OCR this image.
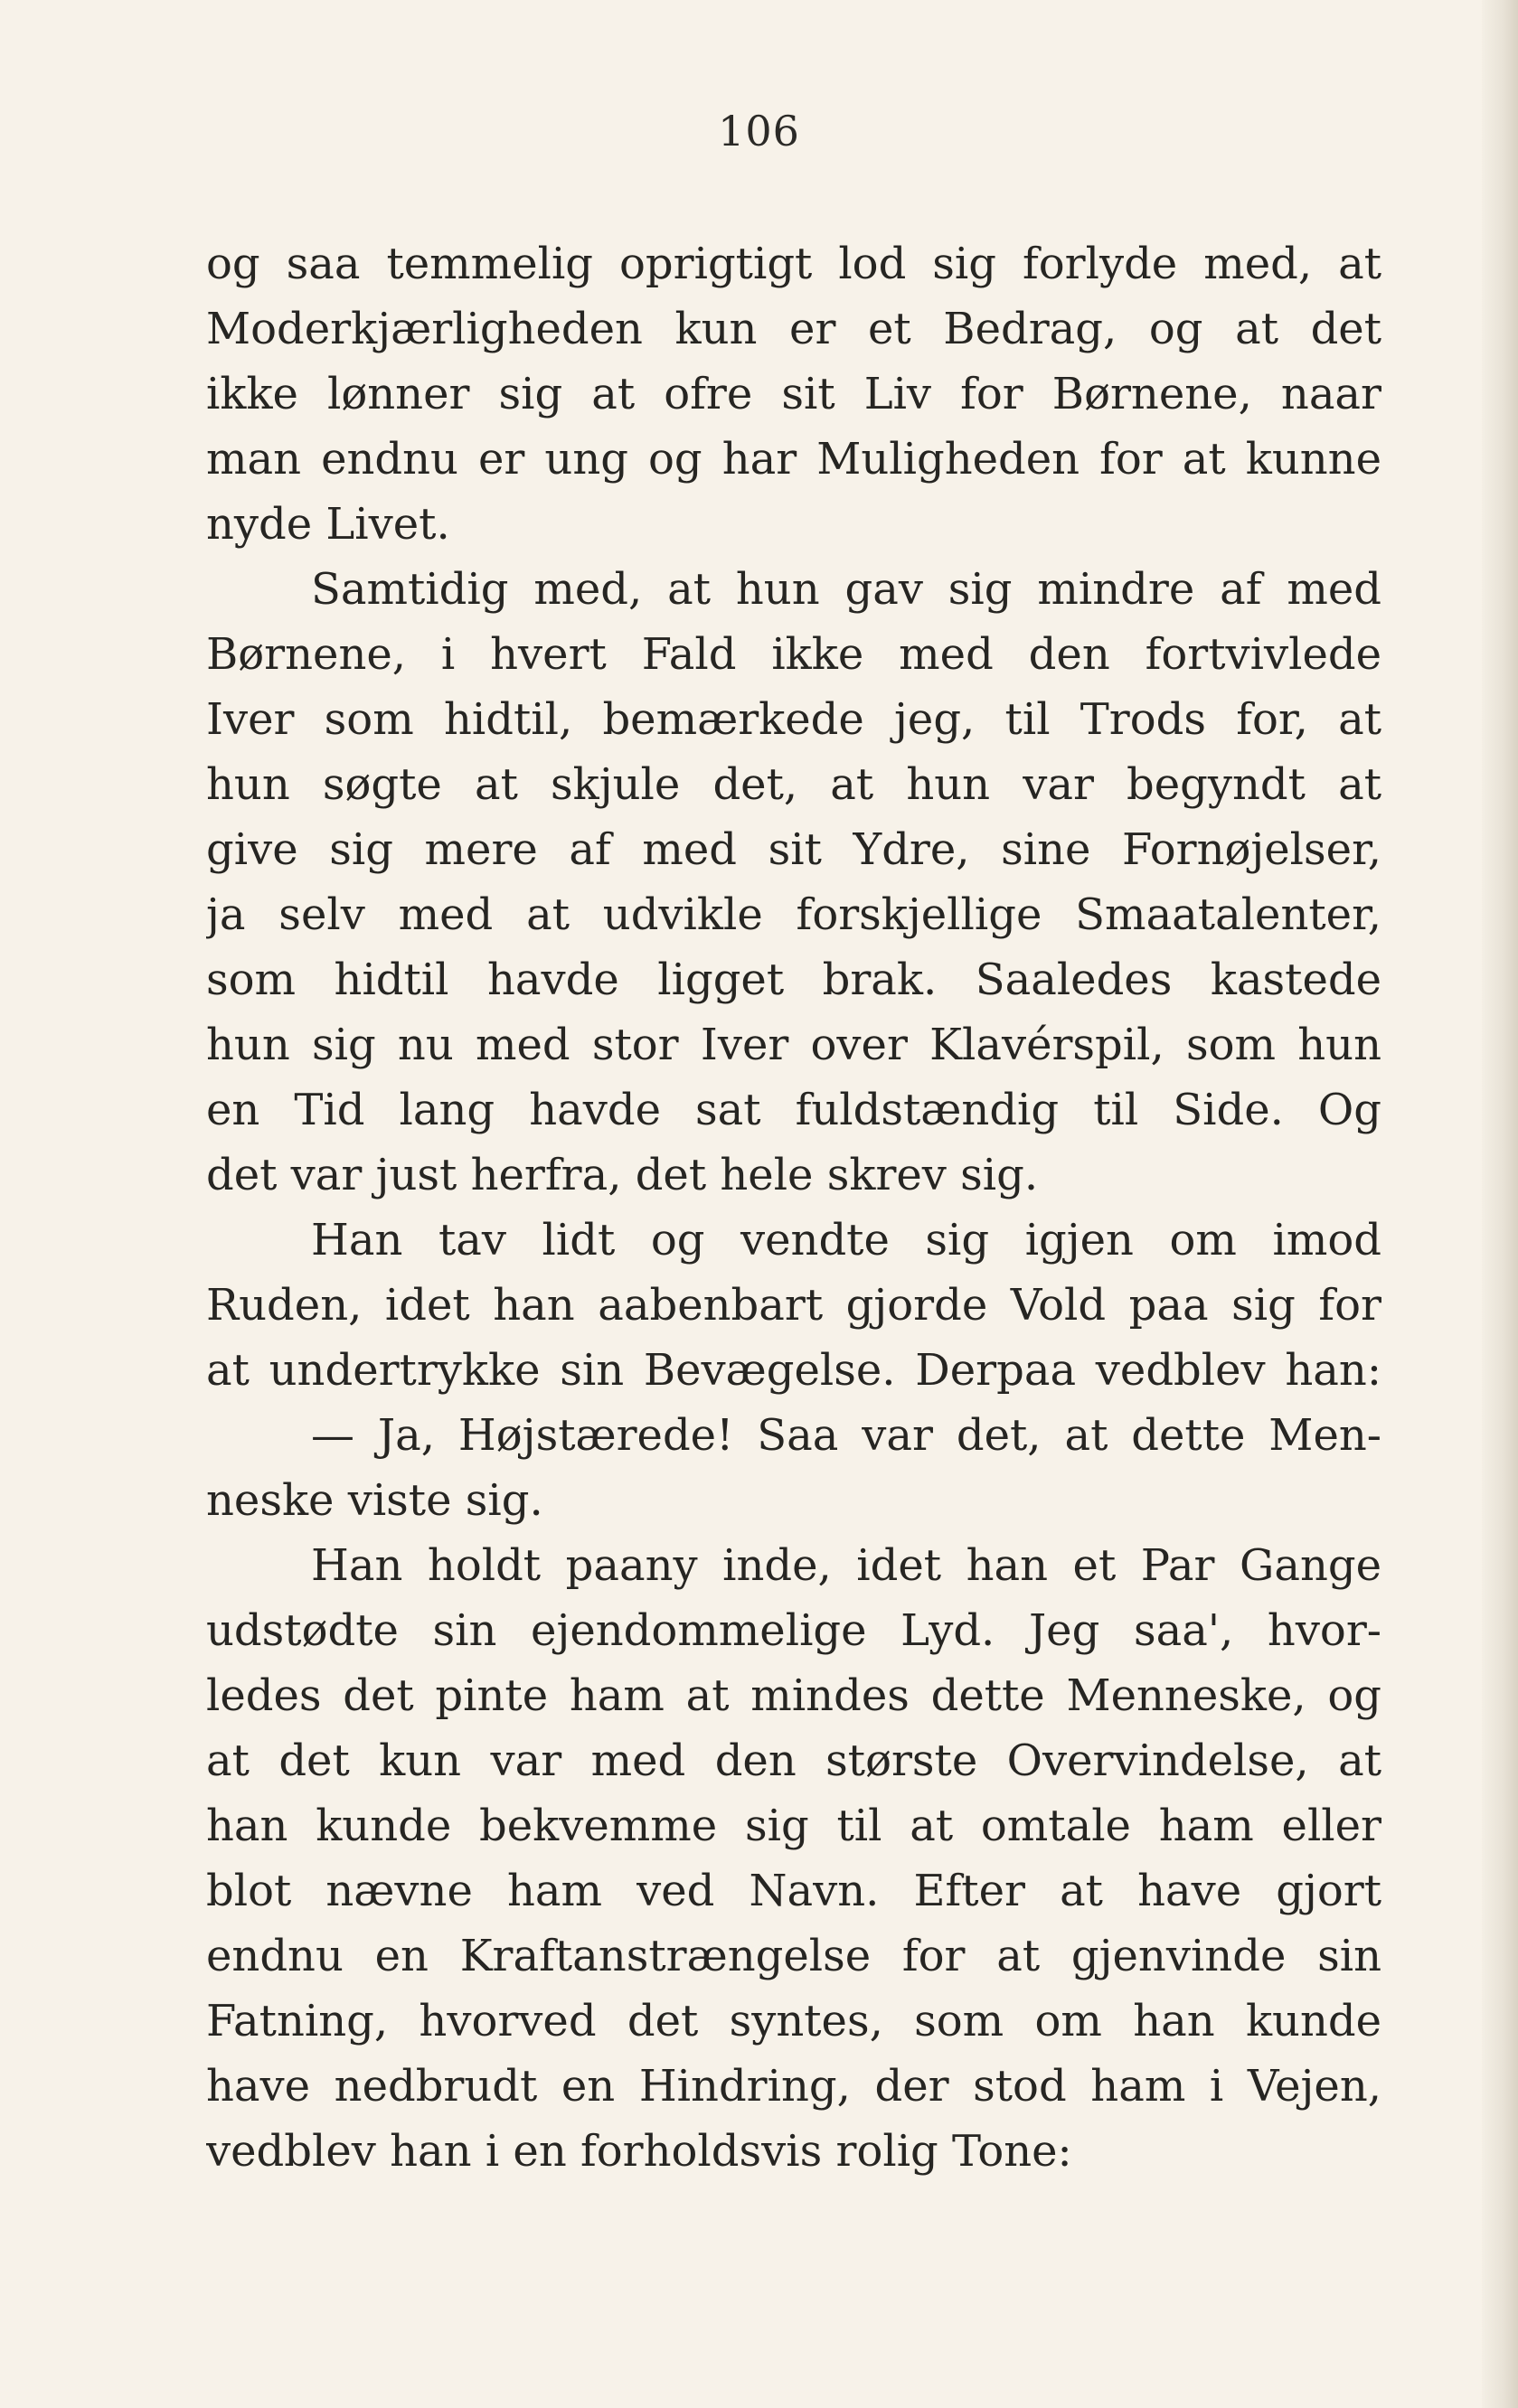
106
og saa temmelig oprigtigt lod sig forlyde med, at
Moderkjærligheden kun er et Bedrag, og at det
ikke lønner sig at ofre sit Liv for Børnene, naar
man endnu er ung og har Muligheden for at kunne
nyde Livet.
Samtidig med, at hun gav sig mindre af med
Børnene, i hvert Fald ikke med den fortvivlede
Iver som hidtil, bemærkede jeg, til Trods for, at
hun søgte at skjule det, at hun var begyndt at
give sig mere af med sit Ydre, sine Fornøjelser,
ja selv med at udvikle forskjellige Smaatalenter,
som hidtil havde ligget brak. Saaledes kastede
hun sig nu med stor Iver over Klavérspil, som hun
en Tid lang havde sat fuldstændig til Side. Og
det var just herfra, det hele skrev sig.
Han tav lidt og vendte sig igjen om imod
Ruden, idet han aabenbart gjorde Vold paa sig for
at undertrykke sin Bevægelse. Derpaa vedblev han:
— Ja, Højstærede! Saa var det, at dette Men-
neske viste sig.
Han holdt paany inde, idet han et Par Gange
udstødte sin ejendommelige Lyd. Jeg saa', hvor-
ledes det pinte ham at mindes dette Menneske, og
at det kun var med den største Overvindelse, at
han kunde bekvemme sig til at omtale ham eller
blot nævne ham ved Navn. Efter at have gjort
endnu en Kraftanstrængelse for at gjenvinde sin
Fatning, hvorved det syntes, som om han kunde
have nedbrudt en Hindring, der stod ham i Vejen,
vedblev han i en forholdsvis rolig Tone:
